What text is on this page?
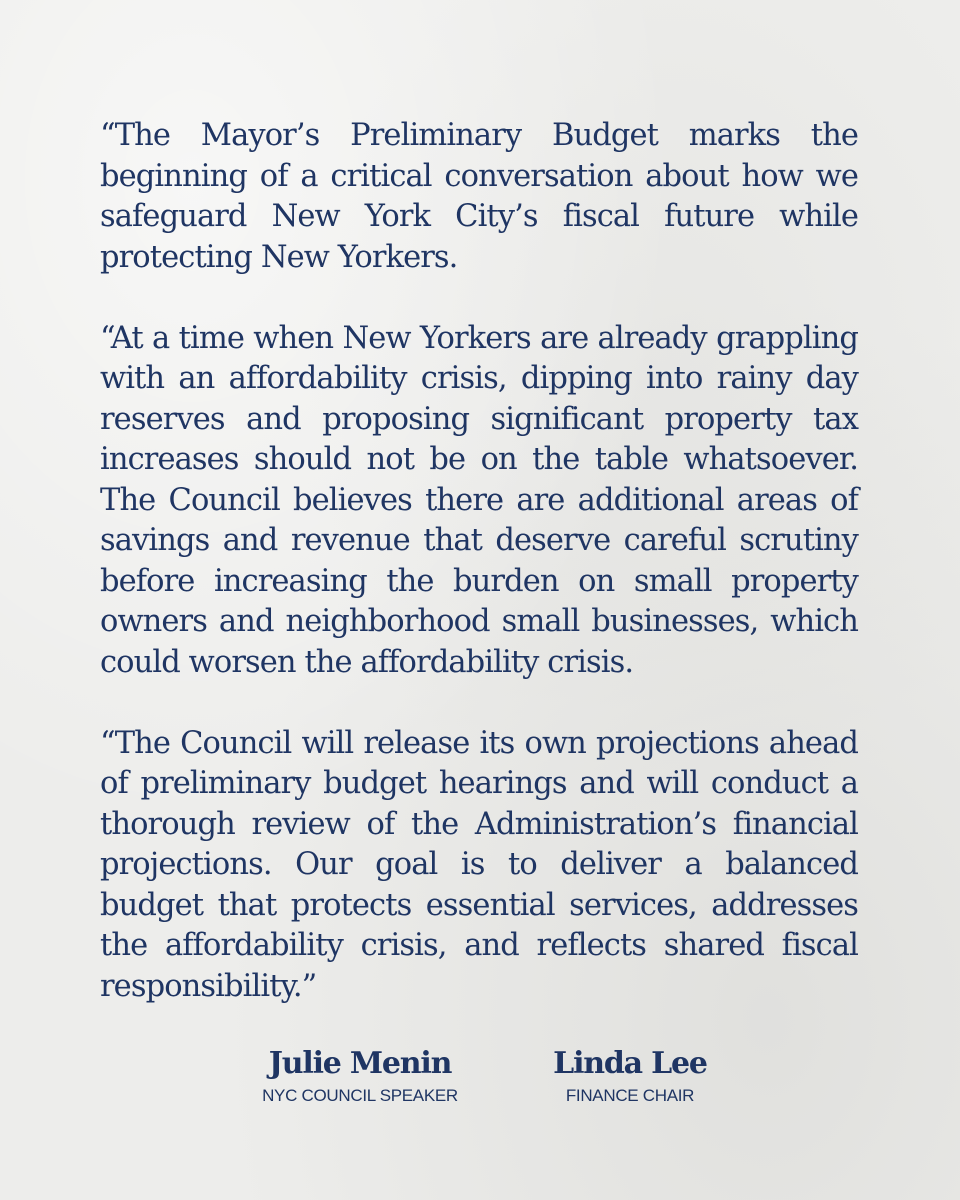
“The Mayor’s Preliminary Budget marks the beginning of a critical conversation about how we safeguard New York City’s fiscal future while protecting New Yorkers.

“At a time when New Yorkers are already grappling with an affordability crisis, dipping into rainy day reserves and proposing significant property tax increases should not be on the table whatsoever. The Council believes there are additional areas of savings and revenue that deserve careful scrutiny before increasing the burden on small property owners and neighborhood small businesses, which could worsen the affordability crisis.

“The Council will release its own projections ahead of preliminary budget hearings and will conduct a thorough review of the Administration’s financial projections. Our goal is to deliver a balanced budget that protects essential services, addresses the affordability crisis, and reflects shared fiscal responsibility.”

Julie Menin
NYC COUNCIL SPEAKER
Linda Lee
FINANCE CHAIR
